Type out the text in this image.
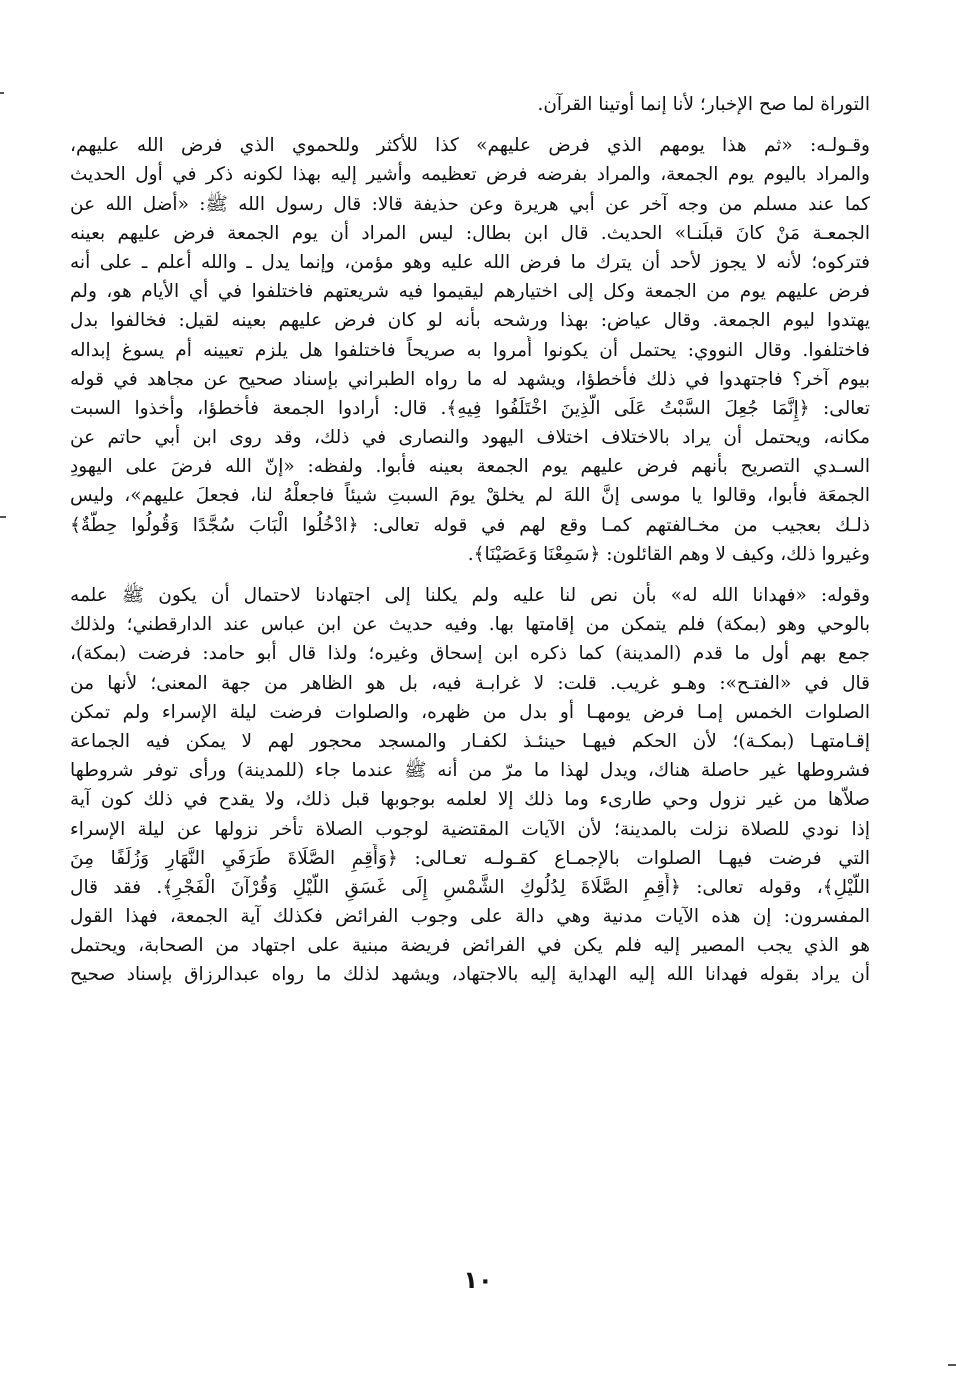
التوراة لما صح الإخبار؛ لأنا إنما أوتينا القرآن.
وقـولـه: «ثم هذا يومهم الذي فرض عليهم» كذا للأكثر وللحموي الذي فرض الله عليهم،
والمراد باليوم يوم الجمعة، والمراد بفرضه فرض تعظيمه وأشير إليه بهذا لكونه ذكر في أول الحديث
كما عند مسلم من وجه آخر عن أبي هريرة وعن حذيفة قالا: قال رسول الله ﷺ: «أضل الله عن
الجمعـة مَنْ كانَ قبلَنـا» الحديث. قال ابن بطال: ليس المراد أن يوم الجمعة فرض عليهم بعينه
فتركوه؛ لأنه لا يجوز لأحد أن يترك ما فرض الله عليه وهو مؤمن، وإنما يدل ـ والله أعلم ـ على أنه
فرض عليهم يوم من الجمعة وكل إلى اختيارهم ليقيموا فيه شريعتهم فاختلفوا في أي الأيام هو، ولم
يهتدوا ليوم الجمعة. وقال عياض: بهذا ورشحه بأنه لو كان فرض عليهم بعينه لقيل: فخالفوا بدل
فاختلفوا. وقال النووي: يحتمل أن يكونوا أُمروا به صريحاً فاختلفوا هل يلزم تعيينه أم يسوغ إبداله
بيوم آخر؟ فاجتهدوا في ذلك فأخطؤا، ويشهد له ما رواه الطبراني بإسناد صحيح عن مجاهد في قوله
تعالى: ﴿إِنَّمَا جُعِلَ السَّبْتُ عَلَى الَّذِينَ اخْتَلَفُوا فِيهِ﴾. قال: أرادوا الجمعة فأخطؤا، وأخذوا السبت
مكانه، ويحتمل أن يراد بالاختلاف اختلاف اليهود والنصارى في ذلك، وقد روى ابن أبي حاتم عن
السـدي التصريح بأنهم فرض عليهم يوم الجمعة بعينه فأبوا. ولفظه: «إنّ الله فرضَ على اليهودِ
الجمعَة فأبوا، وقالوا يا موسى إنَّ اللهَ لم يخلقْ يومَ السبتِ شيئاً فاجعلْهُ لنا، فجعلَ عليهم»، وليس
ذلـك بعجيب من مخـالفتهم كمـا وقع لهم في قوله تعالى: ﴿ادْخُلُوا الْبَابَ سُجَّدًا وَقُولُوا حِطَّةٌ﴾
وغيروا ذلك، وكيف لا وهم القائلون: ﴿سَمِعْنَا وَعَصَيْنَا﴾.
وقوله: «فهدانا الله له» بأن نص لنا عليه ولم يكلنا إلى اجتهادنا لاحتمال أن يكون ﷺ علمه
بالوحي وهو (بمكة) فلم يتمكن من إقامتها بها. وفيه حديث عن ابن عباس عند الدارقطني؛ ولذلك
جمع بهم أول ما قدم (المدينة) كما ذكره ابن إسحاق وغيره؛ ولذا قال أبو حامد: فرضت (بمكة)،
قال في «الفتـح»: وهـو غريب. قلت: لا غرابـة فيه، بل هو الظاهر من جهة المعنى؛ لأنها من
الصلوات الخمس إمـا فرض يومهـا أو بدل من ظهره، والصلوات فرضت ليلة الإسراء ولم تمكن
إقـامتهـا (بمكـة)؛ لأن الحكم فيهـا حينئـذ لكفـار والمسجد محجور لهم لا يمكن فيه الجماعة
فشروطها غير حاصلة هناك، ويدل لهذا ما مرّ من أنه ﷺ عندما جاء (للمدينة) ورأى توفر شروطها
صلاّها من غير نزول وحي طارىء وما ذلك إلا لعلمه بوجوبها قبل ذلك، ولا يقدح في ذلك كون آية
إذا نودي للصلاة نزلت بالمدينة؛ لأن الآيات المقتضية لوجوب الصلاة تأخر نزولها عن ليلة الإسراء
التي فرضت فيهـا الصلوات بالإجمـاع كقـولـه تعـالى: ﴿وَأَقِمِ الصَّلَاةَ طَرَفَيِ النَّهَارِ وَزُلَفًا مِنَ
اللَّيْلِ﴾، وقوله تعالى: ﴿أَقِمِ الصَّلَاةَ لِدُلُوكِ الشَّمْسِ إِلَى غَسَقِ اللَّيْلِ وَقُرْآنَ الْفَجْرِ﴾. فقد قال
المفسرون: إن هذه الآيات مدنية وهي دالة على وجوب الفرائض فكذلك آية الجمعة، فهذا القول
هو الذي يجب المصير إليه فلم يكن في الفرائض فريضة مبنية على اجتهاد من الصحابة، ويحتمل
أن يراد بقوله فهدانا الله إليه الهداية إليه بالاجتهاد، ويشهد لذلك ما رواه عبدالرزاق بإسناد صحيح
١٠
